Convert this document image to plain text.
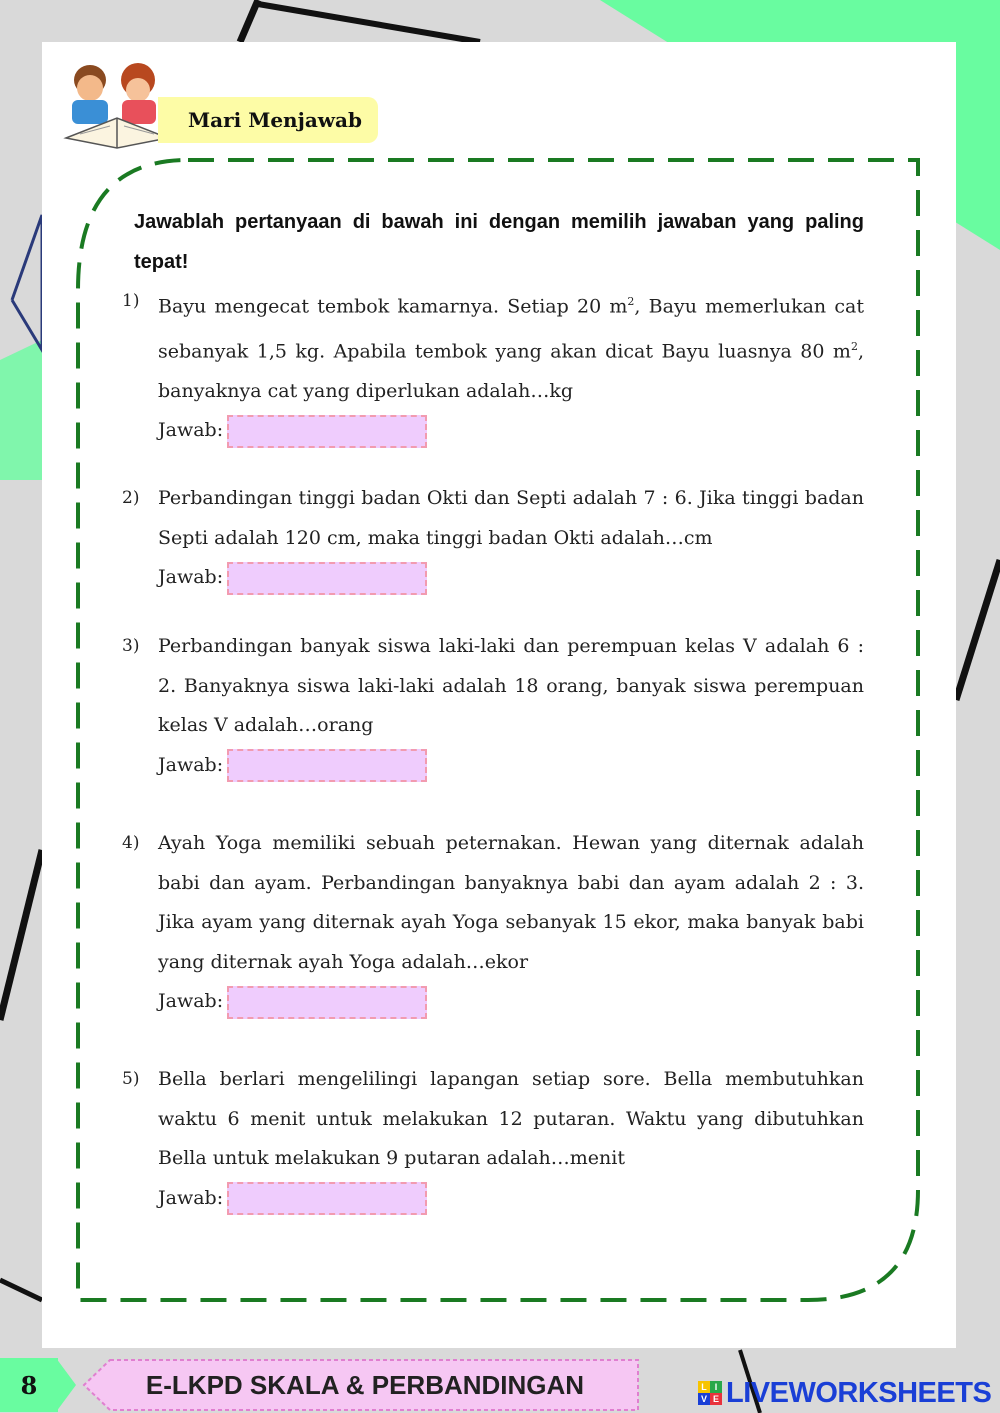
Mari Menjawab
Jawablah pertanyaan di bawah ini dengan memilih jawaban yang paling tepat!
1) Bayu mengecat tembok kamarnya. Setiap 20 $m^2$, Bayu memerlukan cat sebanyak 1,5 kg. Apabila tembok yang akan dicat Bayu luasnya 80 $m^2$, banyaknya cat yang diperlukan adalah…kg
Jawab:
2) Perbandingan tinggi badan Okti dan Septi adalah 7 : 6. Jika tinggi badan Septi adalah 120 cm, maka tinggi badan Okti adalah…cm
Jawab:
3) Perbandingan banyak siswa laki-laki dan perempuan kelas V adalah 6 : 2. Banyaknya siswa laki-laki adalah 18 orang, banyak siswa perempuan kelas V adalah…orang
Jawab:
4) Ayah Yoga memiliki sebuah peternakan. Hewan yang diternak adalah babi dan ayam. Perbandingan banyaknya babi dan ayam adalah 2 : 3. Jika ayam yang diternak ayah Yoga sebanyak 15 ekor, maka banyak babi yang diternak ayah Yoga adalah…ekor
Jawab:
5) Bella berlari mengelilingi lapangan setiap sore. Bella membutuhkan waktu 6 menit untuk melakukan 12 putaran. Waktu yang dibutuhkan Bella untuk melakukan 9 putaran adalah…menit
Jawab:
8	E-LKPD SKALA & PERBANDINGAN	L I
V E LIVEWORKSHEETS
